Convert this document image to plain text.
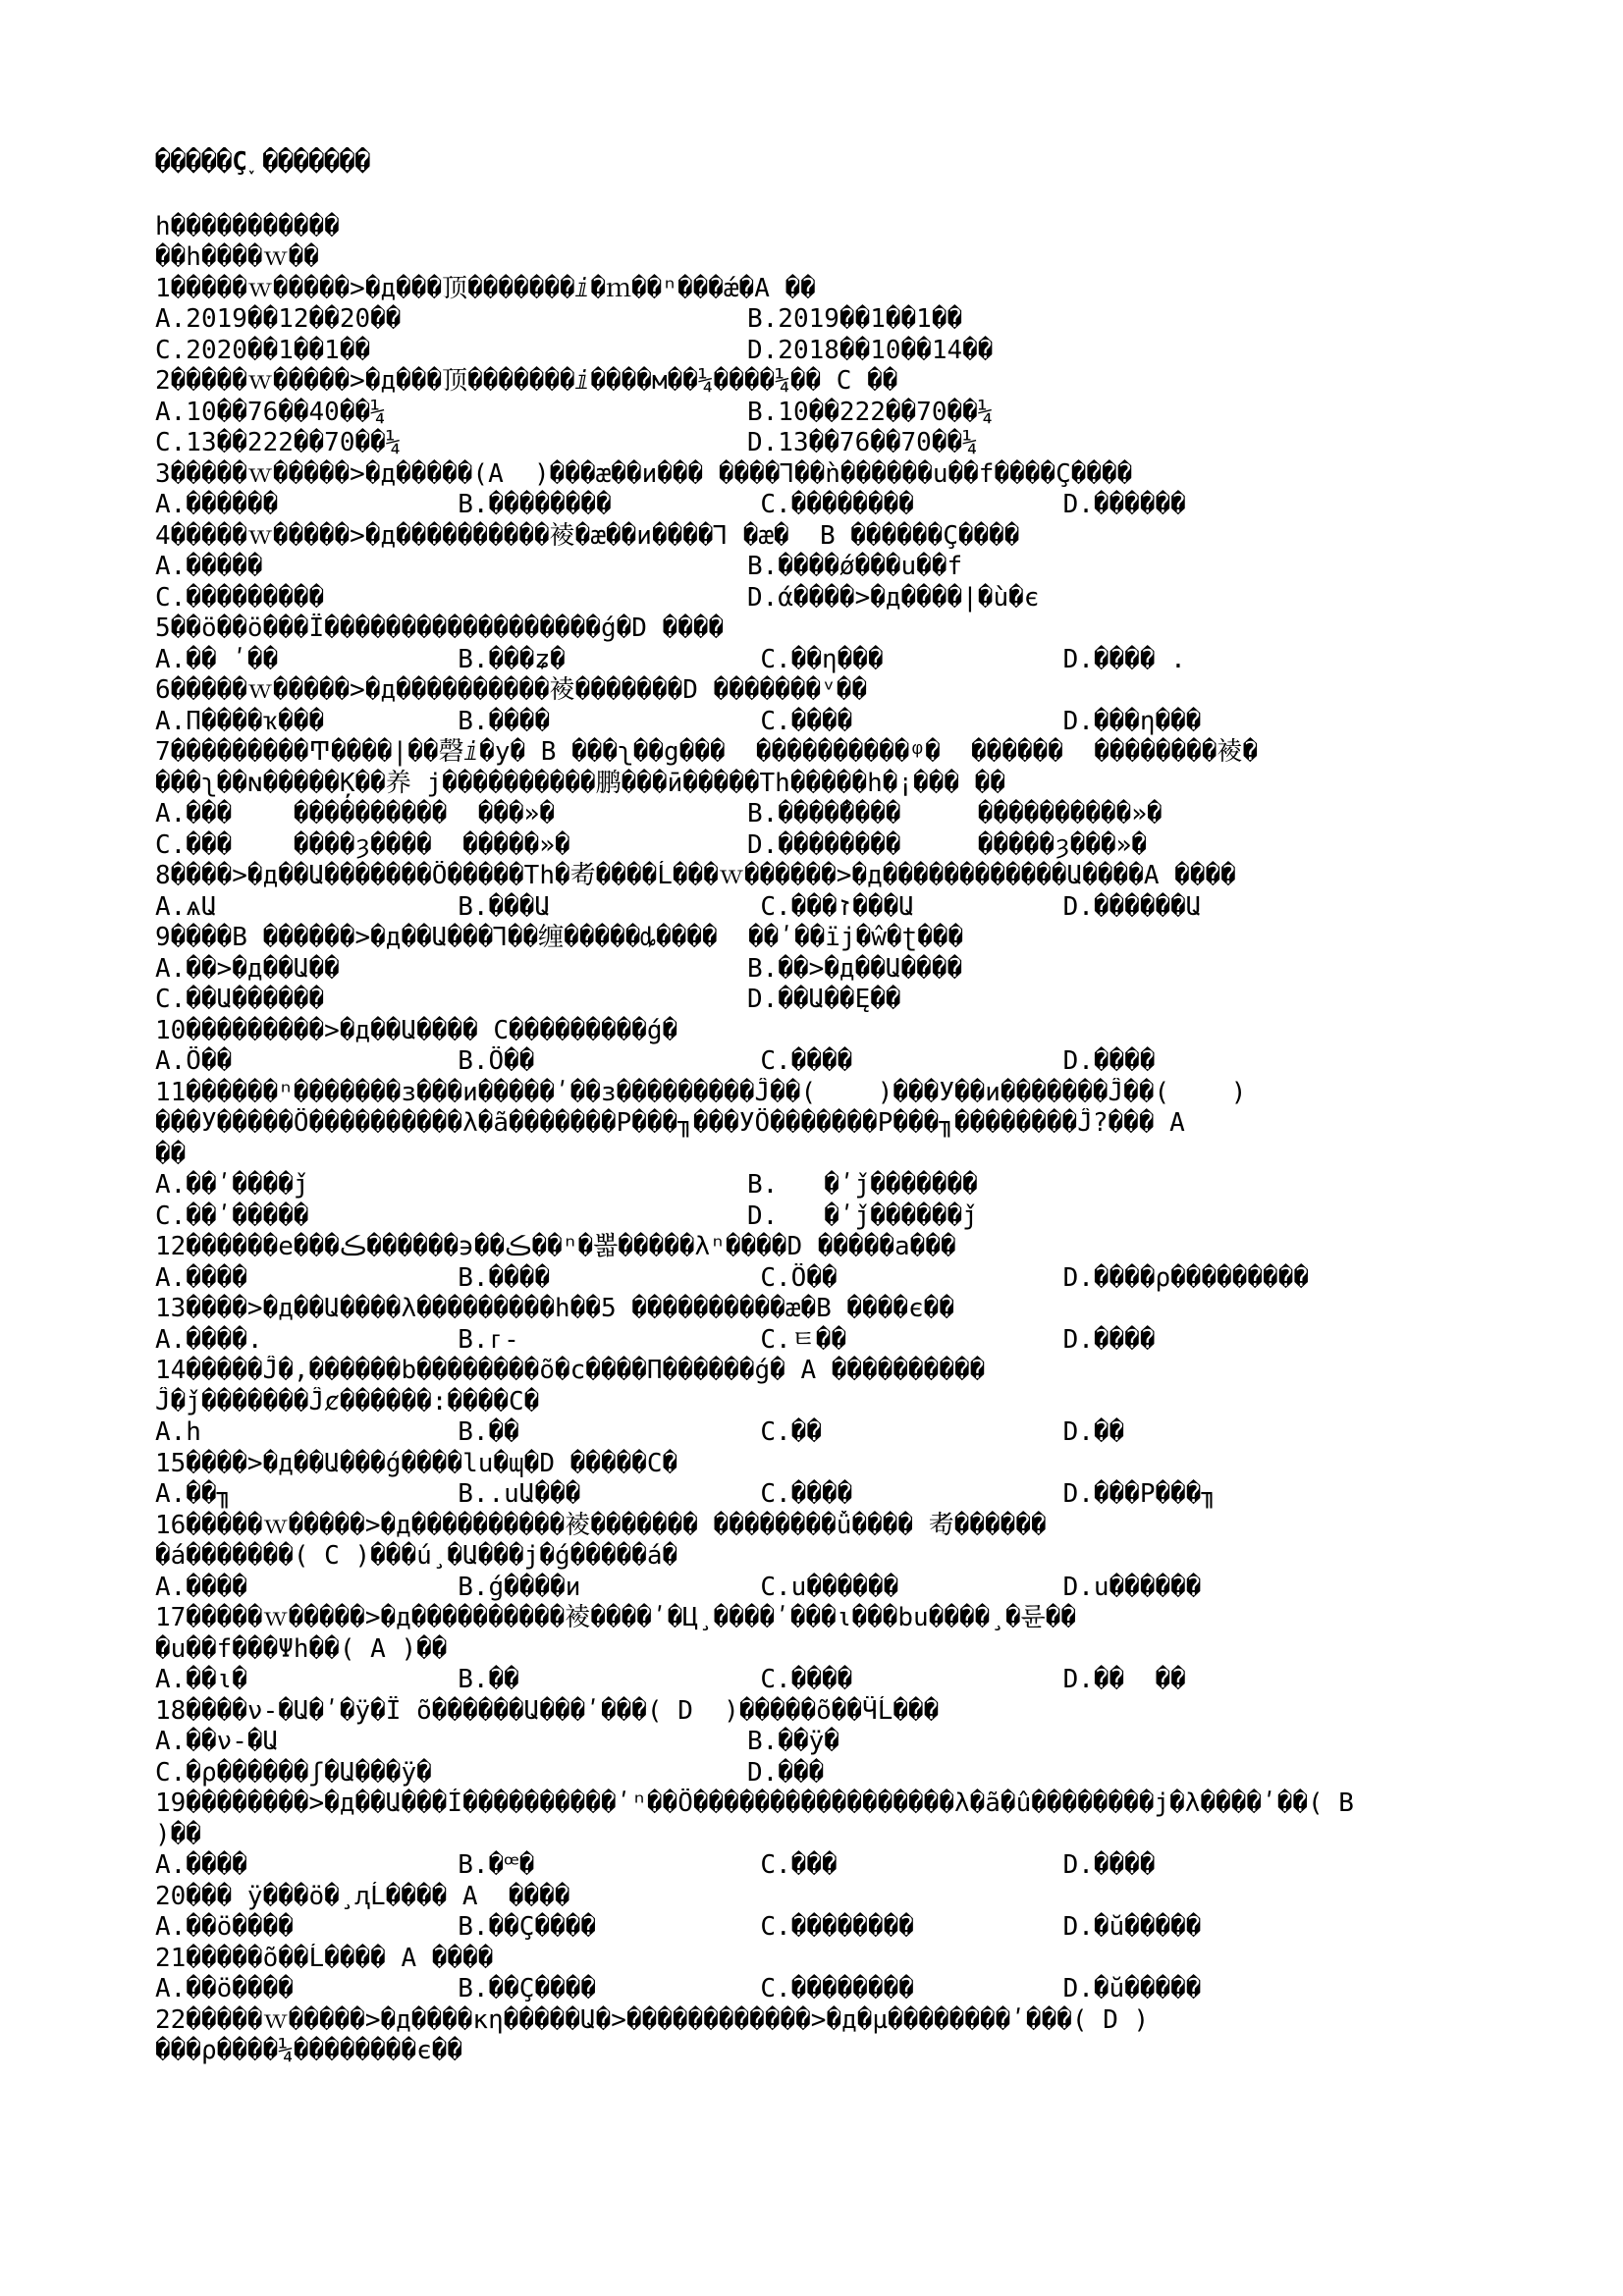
�����Ç˯�������
h�����������
��h����ｗ��
1�����ｗ�����>�д���顶�������ⅈ�ｍ��ⁿ���ǽ�A ��
A.2019��12��20��	B.2019��1��1��
C.2020��1��1��	D.2018��10��14��
2�����ｗ�����>�д���顶�������ⅈ����м��¼����¼�� C ��
A.10��76��40��¼	B.10��222��70��¼
C.13��222��70��¼	D.13��76��70��¼
3�����ｗ�����>�д�����(A  )���æ��и��� ����Ꞁ��ǹ������u��f����Ç����
A.������	B.��������	C.��������	D.������
4�����ｗ�����>�д����������裬�æ��и����Ꞁ �æ�  B ������Ç����
A.�����	B.����ǿ���u��f
C.���������	D.ά����>�д����|�ù�є
5��ö��ö���Ï������������������ǵ�D ����
A.�� ʹ��	B.���ʑ�	C.��η���	D.���� .
6�����ｗ�����>�д����������裬�������D �������ᵛ��
A.Π����ҡ���	B.����	C.����	D.���η���
7���������Ͳ����|��磬ⅈ�у� B ���ʅ��g���  ����������ᵠ�  ������  ��������裬�
���ʅ��ɴ�����Ķ��养 j����������鹏���ӣ�����Th�����h�¡��� ��
A.���    ����������  ���»�	B.����̃����     ����������»�
C.���    ����ȝ����  �����»�	D.��������     �����ȝ���»�
8����>�д��Ա�������Ö�����Th�耇����Ĺ���ｗ������>�д������������Ա����A ����
A.ѧԱ	B.���Ա	C.���ז���Ա	D.������Ա
9����B ������>�д��Ա���Ꞁ��缠�����ȡ����  ��ʹ��ïj�ŵ�ʈ���
A.��>�д��Ա��	B.��>�д��Ա����
C.��Ա������	D.��Ա��Ę��
10���������>�д��Ա���� C���������ǵ�
A.Ö��	B.Ö��	C.����	D.����
11������ⁿ�������ɜ���и�����ʹ��ɜ���������Ĵ��(    )���У��и�������Ĵ��(    )
���У�����Ö����������λ�ã�������Р���╖���УÖ�������Р���╖��������Ĵ?��� A
��
A.��ʹ����ǰ	B.   �ʹǰ�������
C.��ʹ�����	D.   �ʹǰ������ǰ
12������e���ڪ��϶������ڪ��ⁿ�뽋�����λⁿ����D �����а���
A.����	B.����	C.Ö��	D.����ρ���������
13����>�д��Ա����λ���������h��5 ����������æ�B ����є��
A.����.	B.ᴦ-	C.ㅌ��	D.����
14�����Ĵ�,������b��������õ�ϲ����Π������ǵ� A ����������
Ĵ�ǰ�������Ĵȼ������:����С�
A.h	B.��	C.��	D.��
15����>�д��Ա���ǵ����lu�ɰ�D �����С�
A.��╖	B..uԱ���	C.����	D.���Р���╖
16�����ｗ�����>�д����������裬������� ��������ǚ���� 耇������
�á�������( C )���ú¸�Ա���j�ǵ�����á�
A.����	B.ǵ����и	C.u������	D.u������
17�����ｗ�����>�д����������裬����ʹ�Ц¸����ʹ���ι���bu����¸�륜��
�u��f���Ψh��( A )��
A.��ι�	B.��	C.����	D.��  ��
18����ν-�Ա�ʹ�ÿ�Ï õ������Ա���ʹ���( D  )�����õ��ӴĹ���
A.��ν-�Ա	B.��ÿ�
C.�ρ������ʃ�Ա���ÿ�	D.���
19��������>�д��Ա���Í����������ʹⁿ��Ö�����������������λ�ã�û��������j�λ����ʹ��( B
)��
A.����	B.�ꟹ�	C.���	D.����
20��� ÿ���ö�¸ԯĹ���� A  ����
A.��ö����	B.��Ç����	C.��������	D.�ŭ�����
21�����õ��Ĺ���� A ����
A.��ö����	B.��Ç����	C.��������	D.�ŭ�����
22�����ｗ�����>�д����κη�����Ա�>������������>�д�µ��������ʹ���( D )
���ρ����¼��������є��
